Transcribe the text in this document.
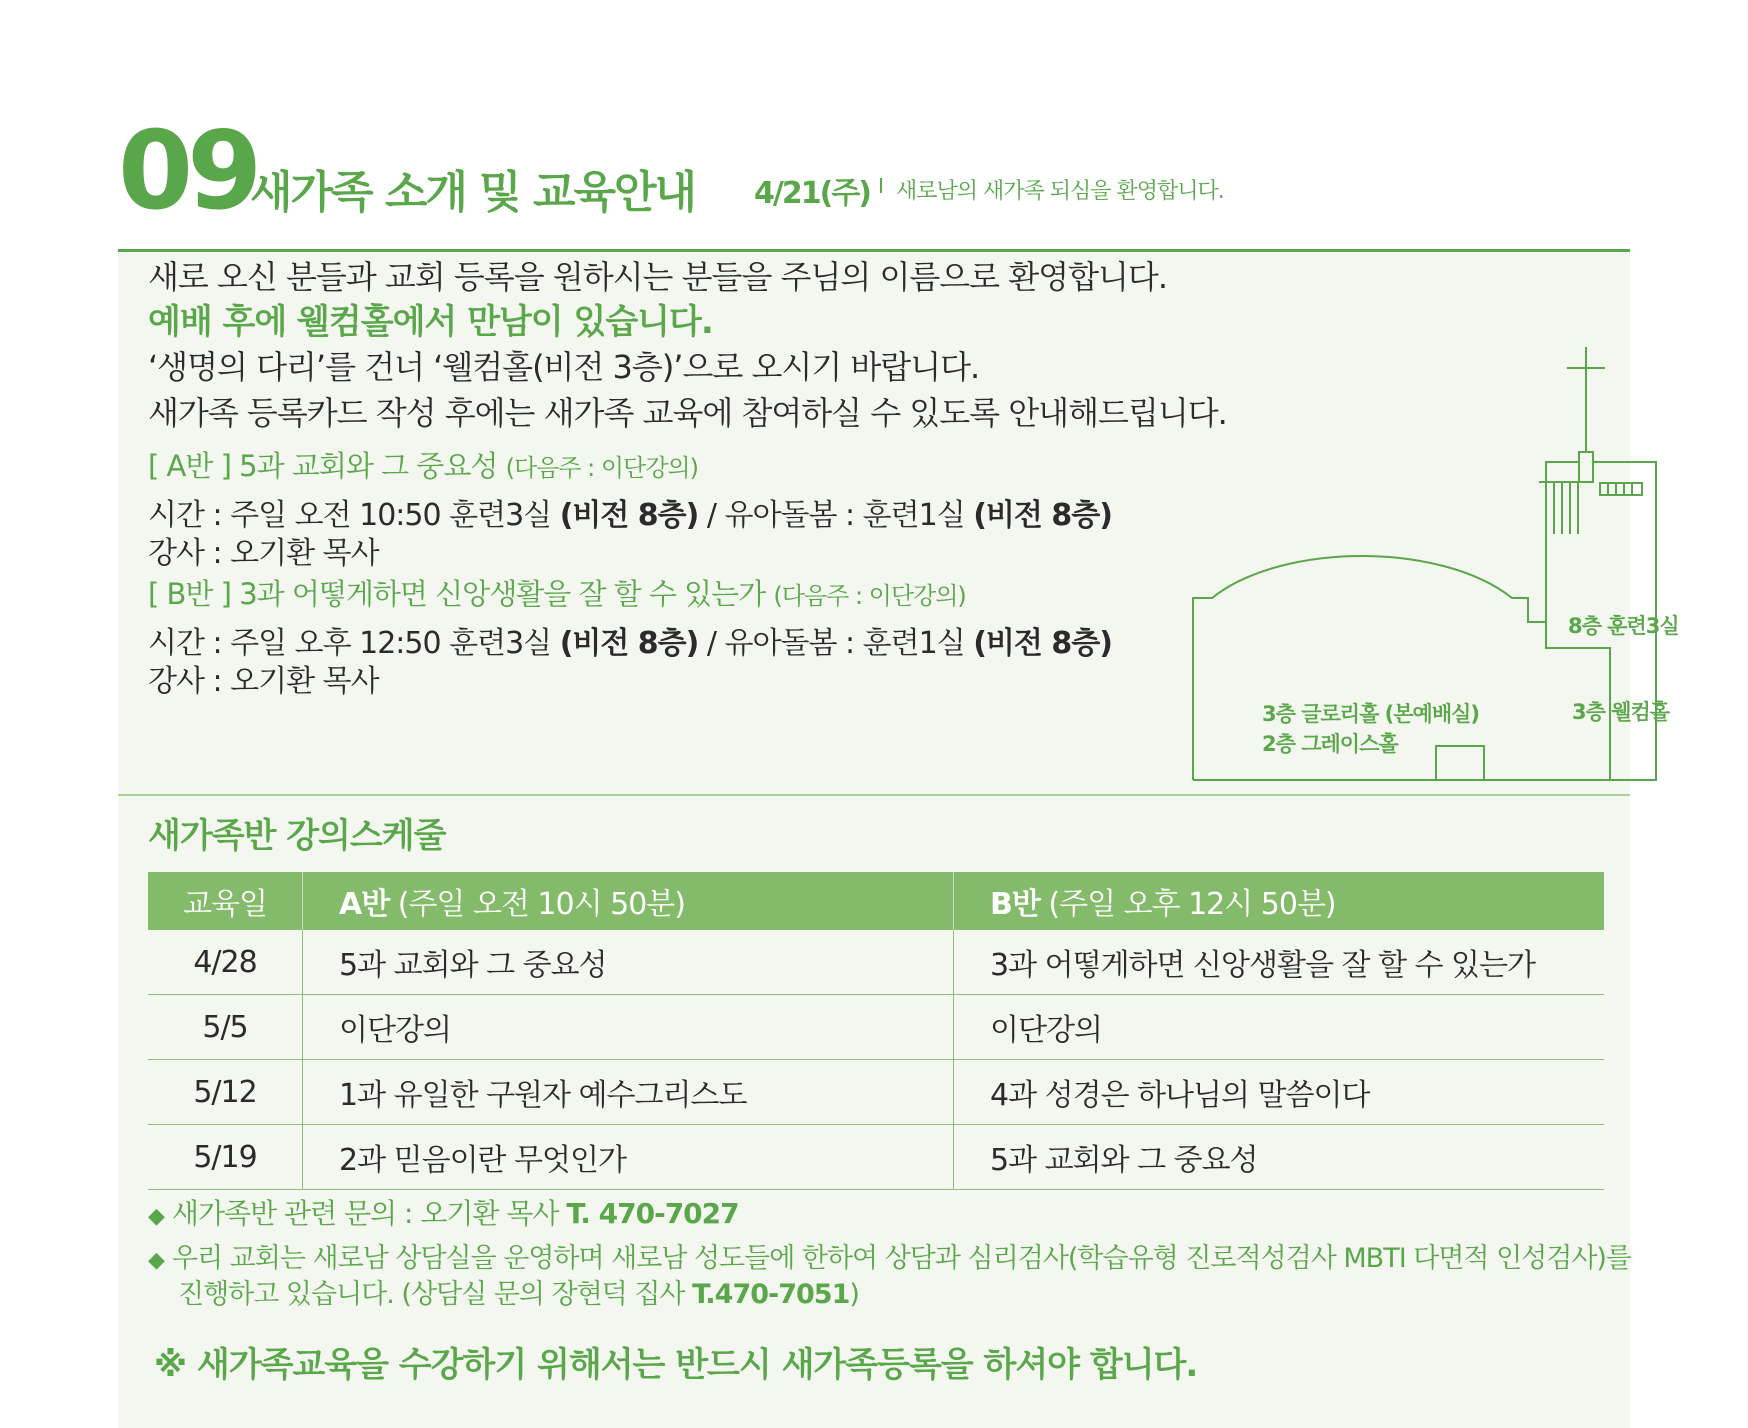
09
새가족 소개 및 교육안내 4/21(주) I 새로남의 새가족 되심을 환영합니다.
새로 오신 분들과 교회 등록을 원하시는 분들을 주님의 이름으로 환영합니다.
예배 후에 웰컴홀에서 만남이 있습니다.
‘생명의 다리’를 건너 ‘웰컴홀(비전 3층)’으로 오시기 바랍니다.
새가족 등록카드 작성 후에는 새가족 교육에 참여하실 수 있도록 안내해드립니다.
[ A반 ] 5과 교회와 그 중요성 (다음주 : 이단강의)
시간 : 주일 오전 10:50 훈련3실 (비전 8층) / 유아돌봄 : 훈련1실 (비전 8층)
강사 : 오기환 목사
[ B반 ] 3과 어떻게하면 신앙생활을 잘 할 수 있는가 (다음주 : 이단강의)
시간 : 주일 오후 12:50 훈련3실 (비전 8층) / 유아돌봄 : 훈련1실 (비전 8층)
강사 : 오기환 목사
8층 훈련3실
3층 웰컴홀
3층 글로리홀 (본예배실)
2층 그레이스홀
새가족반 강의스케줄
교육일	A반 (주일 오전 10시 50분)	B반 (주일 오후 12시 50분)
4/28	5과 교회와 그 중요성	3과 어떻게하면 신앙생활을 잘 할 수 있는가
5/5	이단강의	이단강의
5/12	1과 유일한 구원자 예수그리스도	4과 성경은 하나님의 말씀이다
5/19	2과 믿음이란 무엇인가	5과 교회와 그 중요성
◆ 새가족반 관련 문의 : 오기환 목사 T. 470-7027
◆ 우리 교회는 새로남 상담실을 운영하며 새로남 성도들에 한하여 상담과 심리검사(학습유형 진로적성검사 MBTI 다면적 인성검사)를
진행하고 있습니다. (상담실 문의 장현덕 집사 T.470-7051)
※ 새가족교육을 수강하기 위해서는 반드시 새가족등록을 하셔야 합니다.
